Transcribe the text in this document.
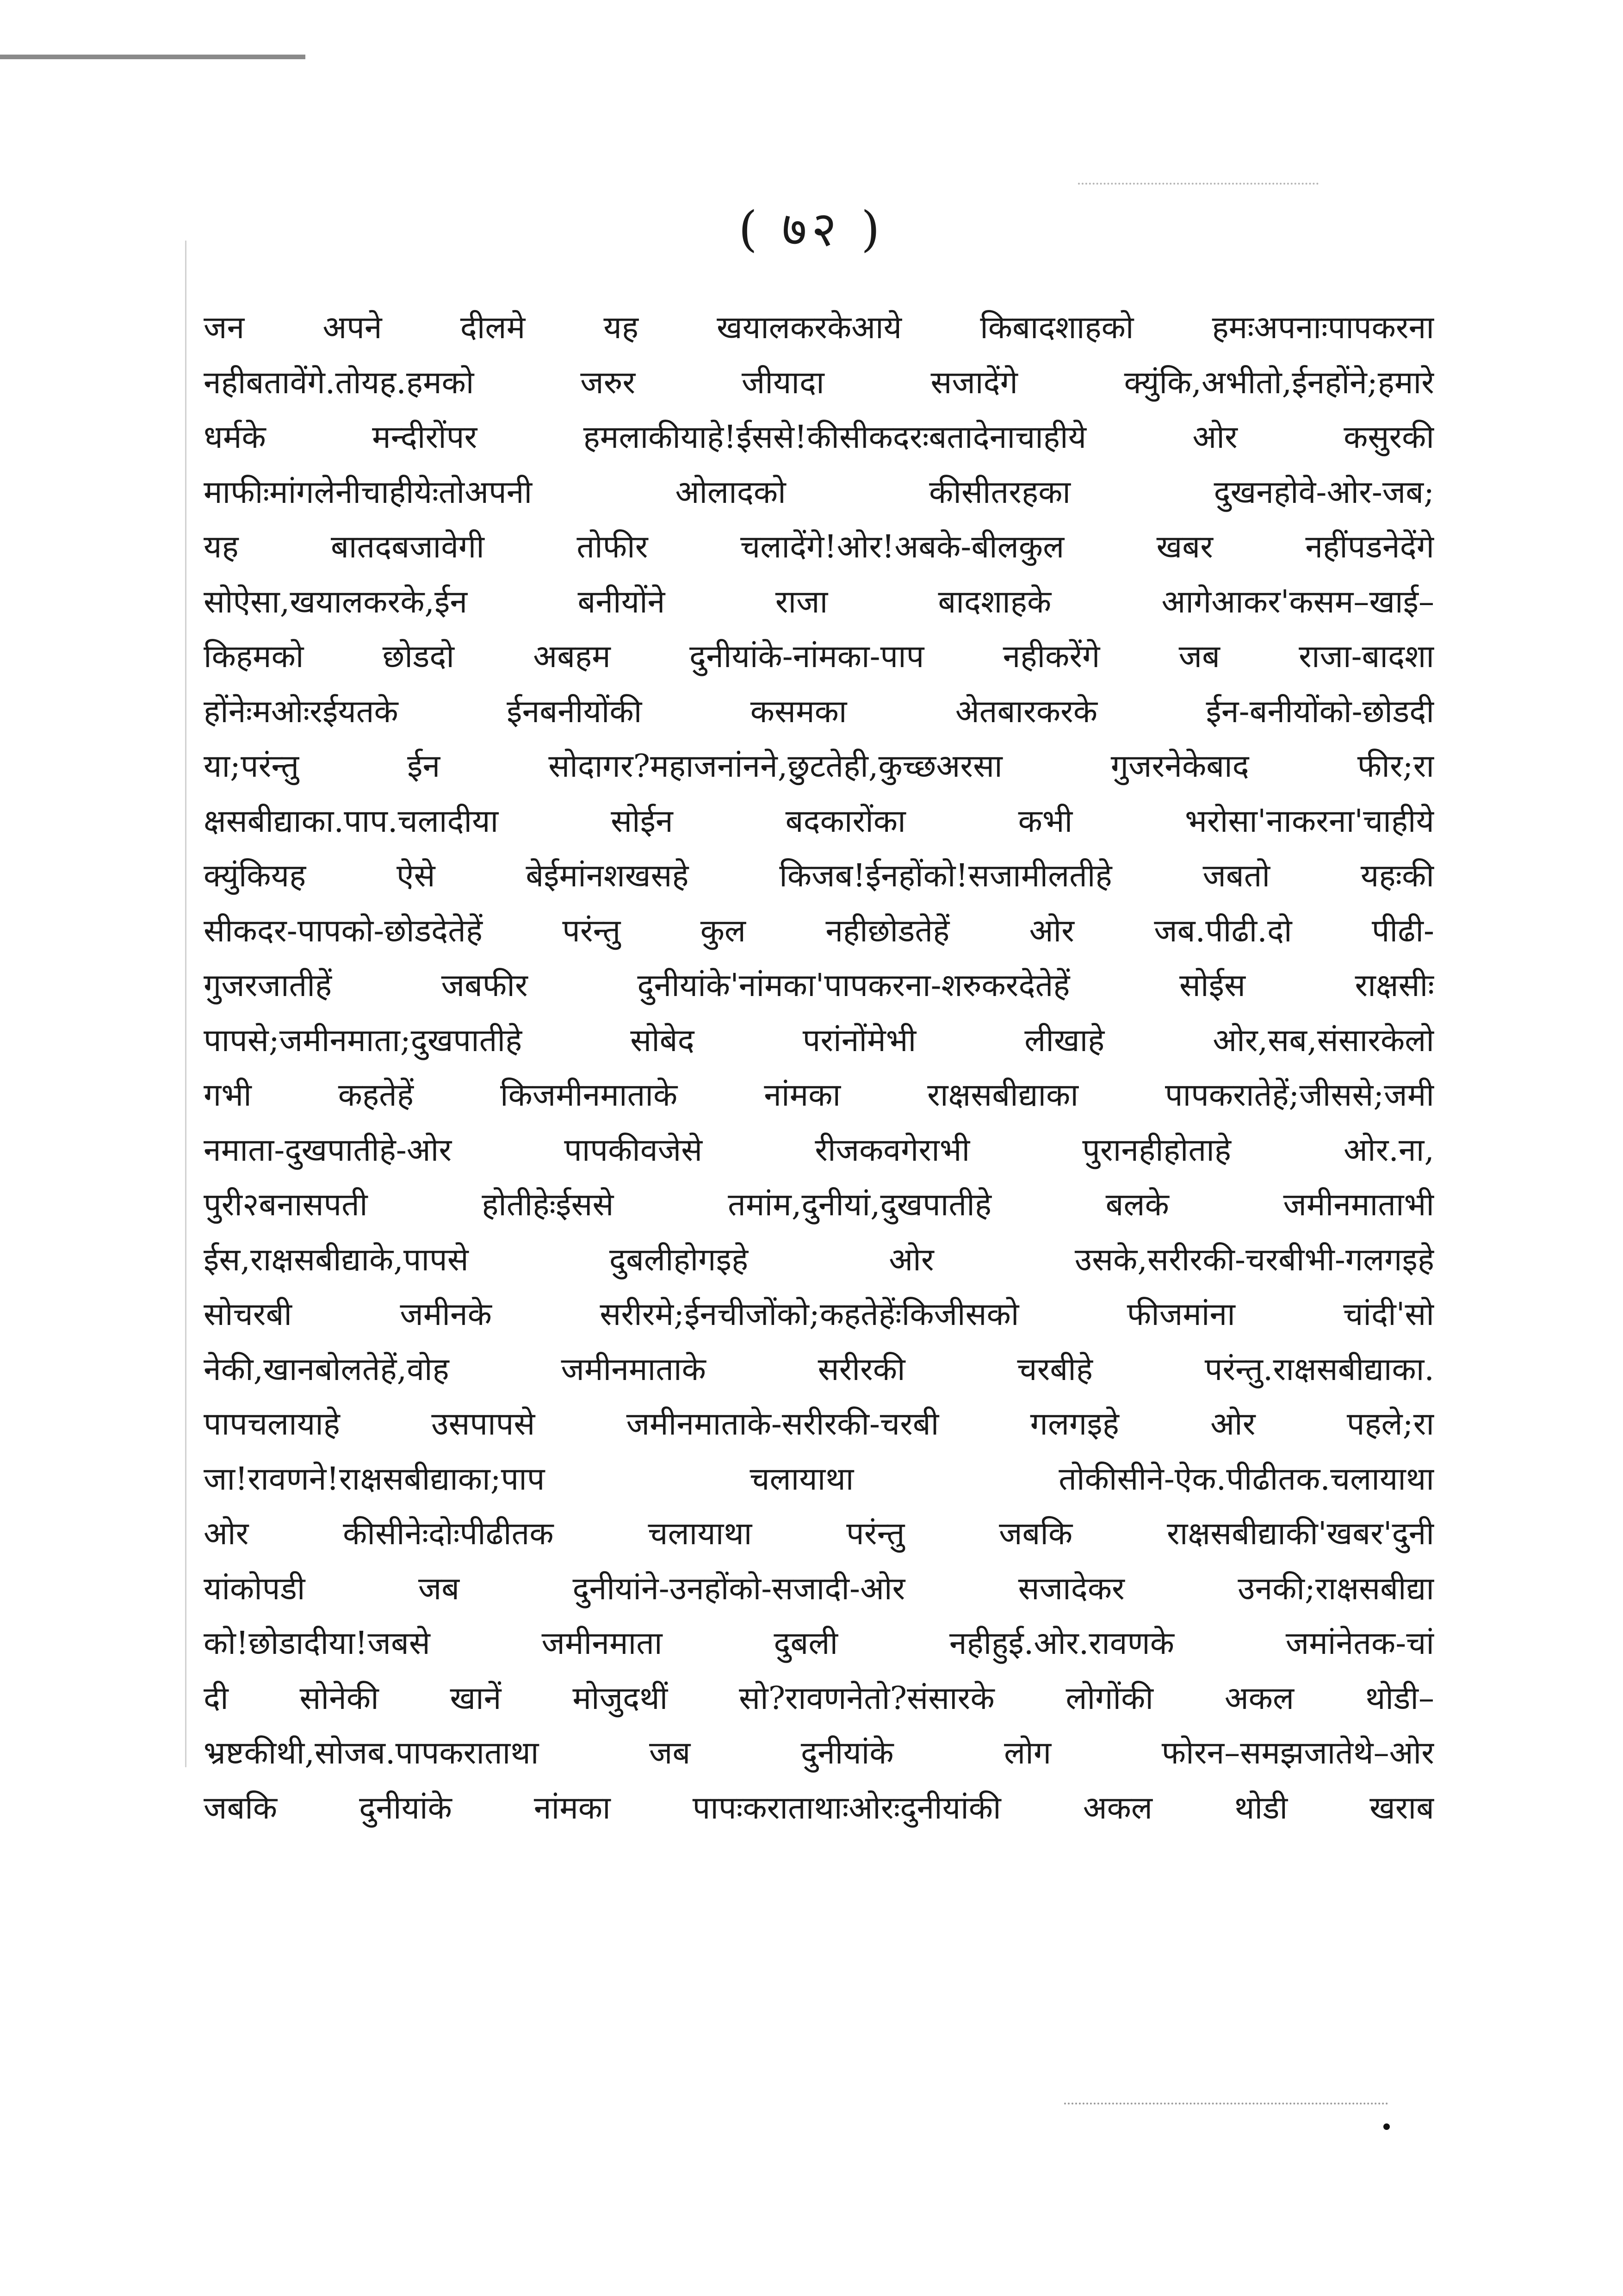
( ७२ )
जन अपने दीलमे यह खयालकरकेआये किबादशाहको हमःअपनाःपापकरना
नहीबतावेंगे.तोयह.हमको जरुर जीयादा सजादेंगे क्युंकि,अभीतो,ईनहोंने;हमारे
धर्मके मन्दीरोंपर हमलाकीयाहे!ईससे!कीसीकदरःबतादेनाचाहीये ओर कसुरकी
माफीःमांगलेनीचाहीयेःतोअपनी ओलादको कीसीतरहका दुखनहोवे-ओर-जब;
यह बातदबजावेगी तोफीर चलादेंगे!ओर!अबके-बीलकुल खबर नहींपडनेदेंगे
सोऐसा,खयालकरके,ईन बनीयोंने राजा बादशाहके आगेआकर'कसम–खाई–
किहमको छोडदो अबहम दुनीयांके-नांमका-पाप नहीकरेंगे जब राजा-बादशा
होंनेःमओःरईयतके ईनबनीयोंकी कसमका अेतबारकरके ईन-बनीयोंको-छोडदी
या;परंन्तु ईन सोदागर?महाजनांनने,छुटतेही,कुच्छअरसा गुजरनेकेबाद फीर;रा
क्षसबीद्याका.पाप.चलादीया सोईन बदकारोंका कभी भरोसा'नाकरना'चाहीये
क्युंकियह ऐसे बेईमांनशखसहे किजब!ईनहोंको!सजामीलतीहे जबतो यहःकी
सीकदर-पापको-छोडदेतेहें परंन्तु कुल नहीछोडतेहें ओर जब.पीढी.दो पीढी-
गुजरजातीहें जबफीर दुनीयांके'नांमका'पापकरना-शरुकरदेतेहें सोईस राक्षसीः
पापसे;जमीनमाता;दुखपातीहे सोबेद परांनोंमेभी लीखाहे ओर,सब,संसारकेलो
गभी कहतेहें किजमीनमाताके नांमका राक्षसबीद्याका पापकरातेहें;जीससे;जमी
नमाता-दुखपातीहे-ओर पापकीवजेसे रीजकवगेराभी पुरानहीहोताहे ओर.ना,
पुरी२बनासपती होतीहेःईससे तमांम,दुनीयां,दुखपातीहे बलके जमीनमाताभी
ईस,राक्षसबीद्याके,पापसे दुबलीहोगइहे ओर उसके,सरीरकी-चरबीभी-गलगइहे
सोचरबी जमीनके सरीरमे;ईनचीजोंको;कहतेहेंःकिजीसको फीजमांना चांदी'सो
नेकी,खानबोलतेहें,वोह जमीनमाताके सरीरकी चरबीहे परंन्तु.राक्षसबीद्याका.
पापचलायाहे उसपापसे जमीनमाताके-सरीरकी-चरबी गलगइहे ओर पहले;रा
जा!रावणने!राक्षसबीद्याका;पाप चलायाथा तोकीसीने-ऐक.पीढीतक.चलायाथा
ओर कीसीनेःदोःपीढीतक चलायाथा परंन्तु जबकि राक्षसबीद्याकी'खबर'दुनी
यांकोपडी जब दुनीयांने-उनहोंको-सजादी-ओर सजादेकर उनकी;राक्षसबीद्या
को!छोडादीया!जबसे जमीनमाता दुबली नहीहुई.ओर.रावणके जमांनेतक-चां
दी सोनेकी खानें मोजुदथीं सो?रावणनेतो?संसारके लोगोंकी अकल थोडी–
भ्रष्टकीथी,सोजब.पापकराताथा जब दुनीयांके लोग फोरन–समझजातेथे–ओर
जबकि दुनीयांके नांमका पापःकराताथाःओरःदुनीयांकी अकल थोडी खराब
